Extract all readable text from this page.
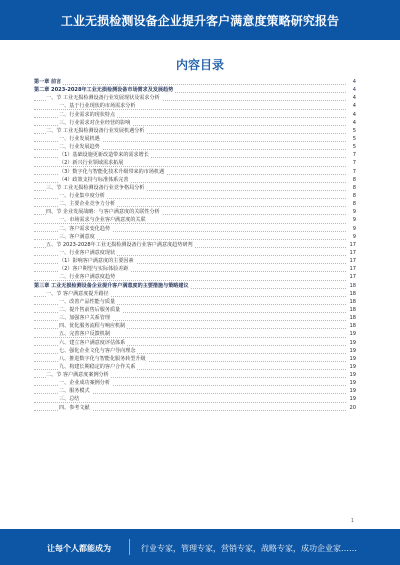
工业无损检测设备企业提升客户满意度策略研究报告
内容目录
第一章 前言	4
第二章 2023-2028年工业无损检测设备市场需求及发展趋势	4
一、节 工业无损检测设备行业发展现状及需求分析	4
一、基于行业现状的市场需求分析	4
二、行业需求的现状特点	4
三、行业需求对企业经营的影响	4
二、节 工业无损检测设备行业发展机遇分析	5
一、行业发展机遇	5
二、行业发展趋势	5
（1）基础设施更新改造带来的需求增长	7
（2）新兴行业领域需求拓展	7
（3）数字化与智能化技术升级带来的市场机遇	7
（4）政策支持与标准体系完善	8
三、节 工业无损检测设备行业竞争格局分析	8
一、行业集中度分析	8
二、主要企业竞争力分析	8
四、节 企业发展战略：与客户满意度的关联性分析	9
一、市场需求与企业客户满意度的关联	9
二、客户需求变化趋势	9
三、客户满意度	9
五、节 2023-2028年工业无损检测设备行业客户满意度趋势研判	17
一、行业客户满意度现状	17
（1）影响客户满意度的主要因素	17
（2）客户期望与实际体验差距	17
二、行业客户满意度趋势	17
第三章 工业无损检测设备企业提升客户满意度的主要措施与策略建议	18
一、节 客户满意度提升路径	18
一、改善产品性能与质量	18
二、提升售前售后服务质量	18
三、加强客户关系管理	18
四、优化服务流程与响应机制	18
五、完善客户反馈机制	19
六、建立客户满意度评估体系	19
七、强化企业文化与客户导向理念	19
八、推进数字化与智能化服务转型升级	19
九、构建长期稳定的客户合作关系	19
二、节 客户满意度案例分析	19
一、企业成功案例分析	19
二、服务模式	19
三、总结	19
四、参考文献	20
1
让每个人都能成为	行业专家，管理专家，营销专家，战略专家，成功企业家……
